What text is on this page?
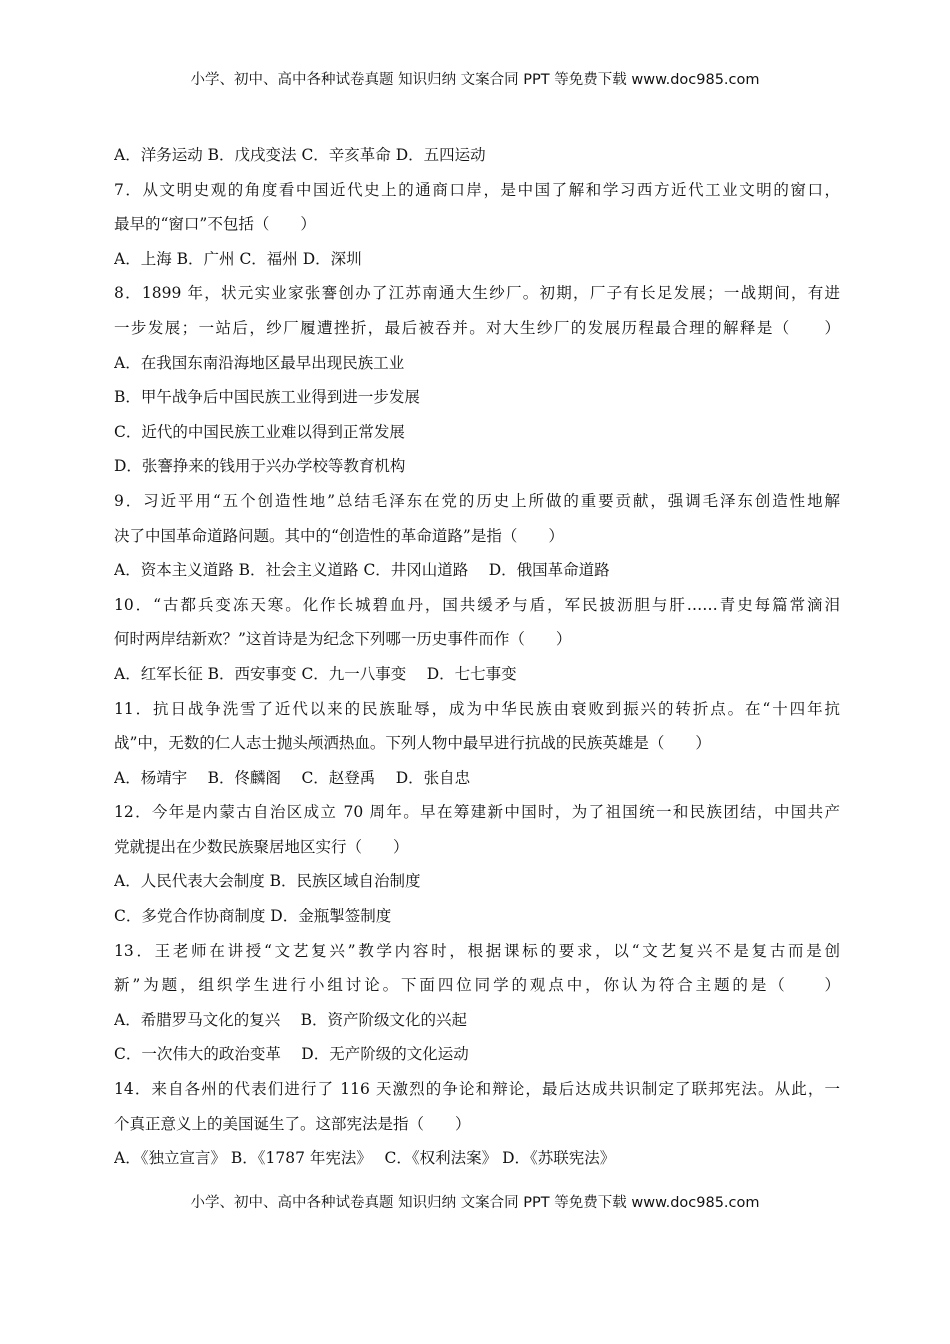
小学、初中、高中各种试卷真题 知识归纳 文案合同 PPT 等免费下载 www.doc985.com
A．洋务运动 B．戊戌变法 C．辛亥革命 D．五四运动
7．从文明史观的角度看中国近代史上的通商口岸，是中国了解和学习西方近代工业文明的窗口，
最早的“窗口”不包括（　　）
A．上海 B．广州 C．福州 D．深圳
8．1899 年，状元实业家张謇创办了江苏南通大生纱厂。初期，厂子有长足发展；一战期间，有进
一步发展；一站后，纱厂履遭挫折，最后被吞并。对大生纱厂的发展历程最合理的解释是（　　）
A．在我国东南沿海地区最早出现民族工业
B．甲午战争后中国民族工业得到进一步发展
C．近代的中国民族工业难以得到正常发展
D．张謇挣来的钱用于兴办学校等教育机构
9．习近平用“五个创造性地”总结毛泽东在党的历史上所做的重要贡献，强调毛泽东创造性地解
决了中国革命道路问题。其中的“创造性的革命道路”是指（　　）
A．资本主义道路 B．社会主义道路 C．井冈山道路　 D．俄国革命道路
10．“古都兵变冻天寒。化作长城碧血丹，国共缓矛与盾，军民披沥胆与肝……青史每篇常滴泪
何时两岸结新欢？”这首诗是为纪念下列哪一历史事件而作（　　）
A．红军长征 B．西安事变 C．九一八事变　 D．七七事变
11．抗日战争洗雪了近代以来的民族耻辱，成为中华民族由衰败到振兴的转折点。在“十四年抗
战”中，无数的仁人志士抛头颅洒热血。下列人物中最早进行抗战的民族英雄是（　　）
A．杨靖宇　 B．佟麟阁　 C．赵登禹　 D．张自忠
12．今年是内蒙古自治区成立 70 周年。早在筹建新中国时，为了祖国统一和民族团结，中国共产
党就提出在少数民族聚居地区实行（　　）
A．人民代表大会制度 B．民族区域自治制度
C．多党合作协商制度 D．金瓶掣签制度
13．王老师在讲授“文艺复兴”教学内容时，根据课标的要求，以“文艺复兴不是复古而是创
新”为题，组织学生进行小组讨论。下面四位同学的观点中，你认为符合主题的是（　　）
A．希腊罗马文化的复兴　 B．资产阶级文化的兴起
C．一次伟大的政治变革　 D．无产阶级的文化运动
14．来自各州的代表们进行了 116 天激烈的争论和辩论，最后达成共识制定了联邦宪法。从此，一
个真正意义上的美国诞生了。这部宪法是指（　　）
A．《独立宣言》 B．《1787 年宪法》　 C．《权利法案》 D．《苏联宪法》
小学、初中、高中各种试卷真题 知识归纳 文案合同 PPT 等免费下载 www.doc985.com
